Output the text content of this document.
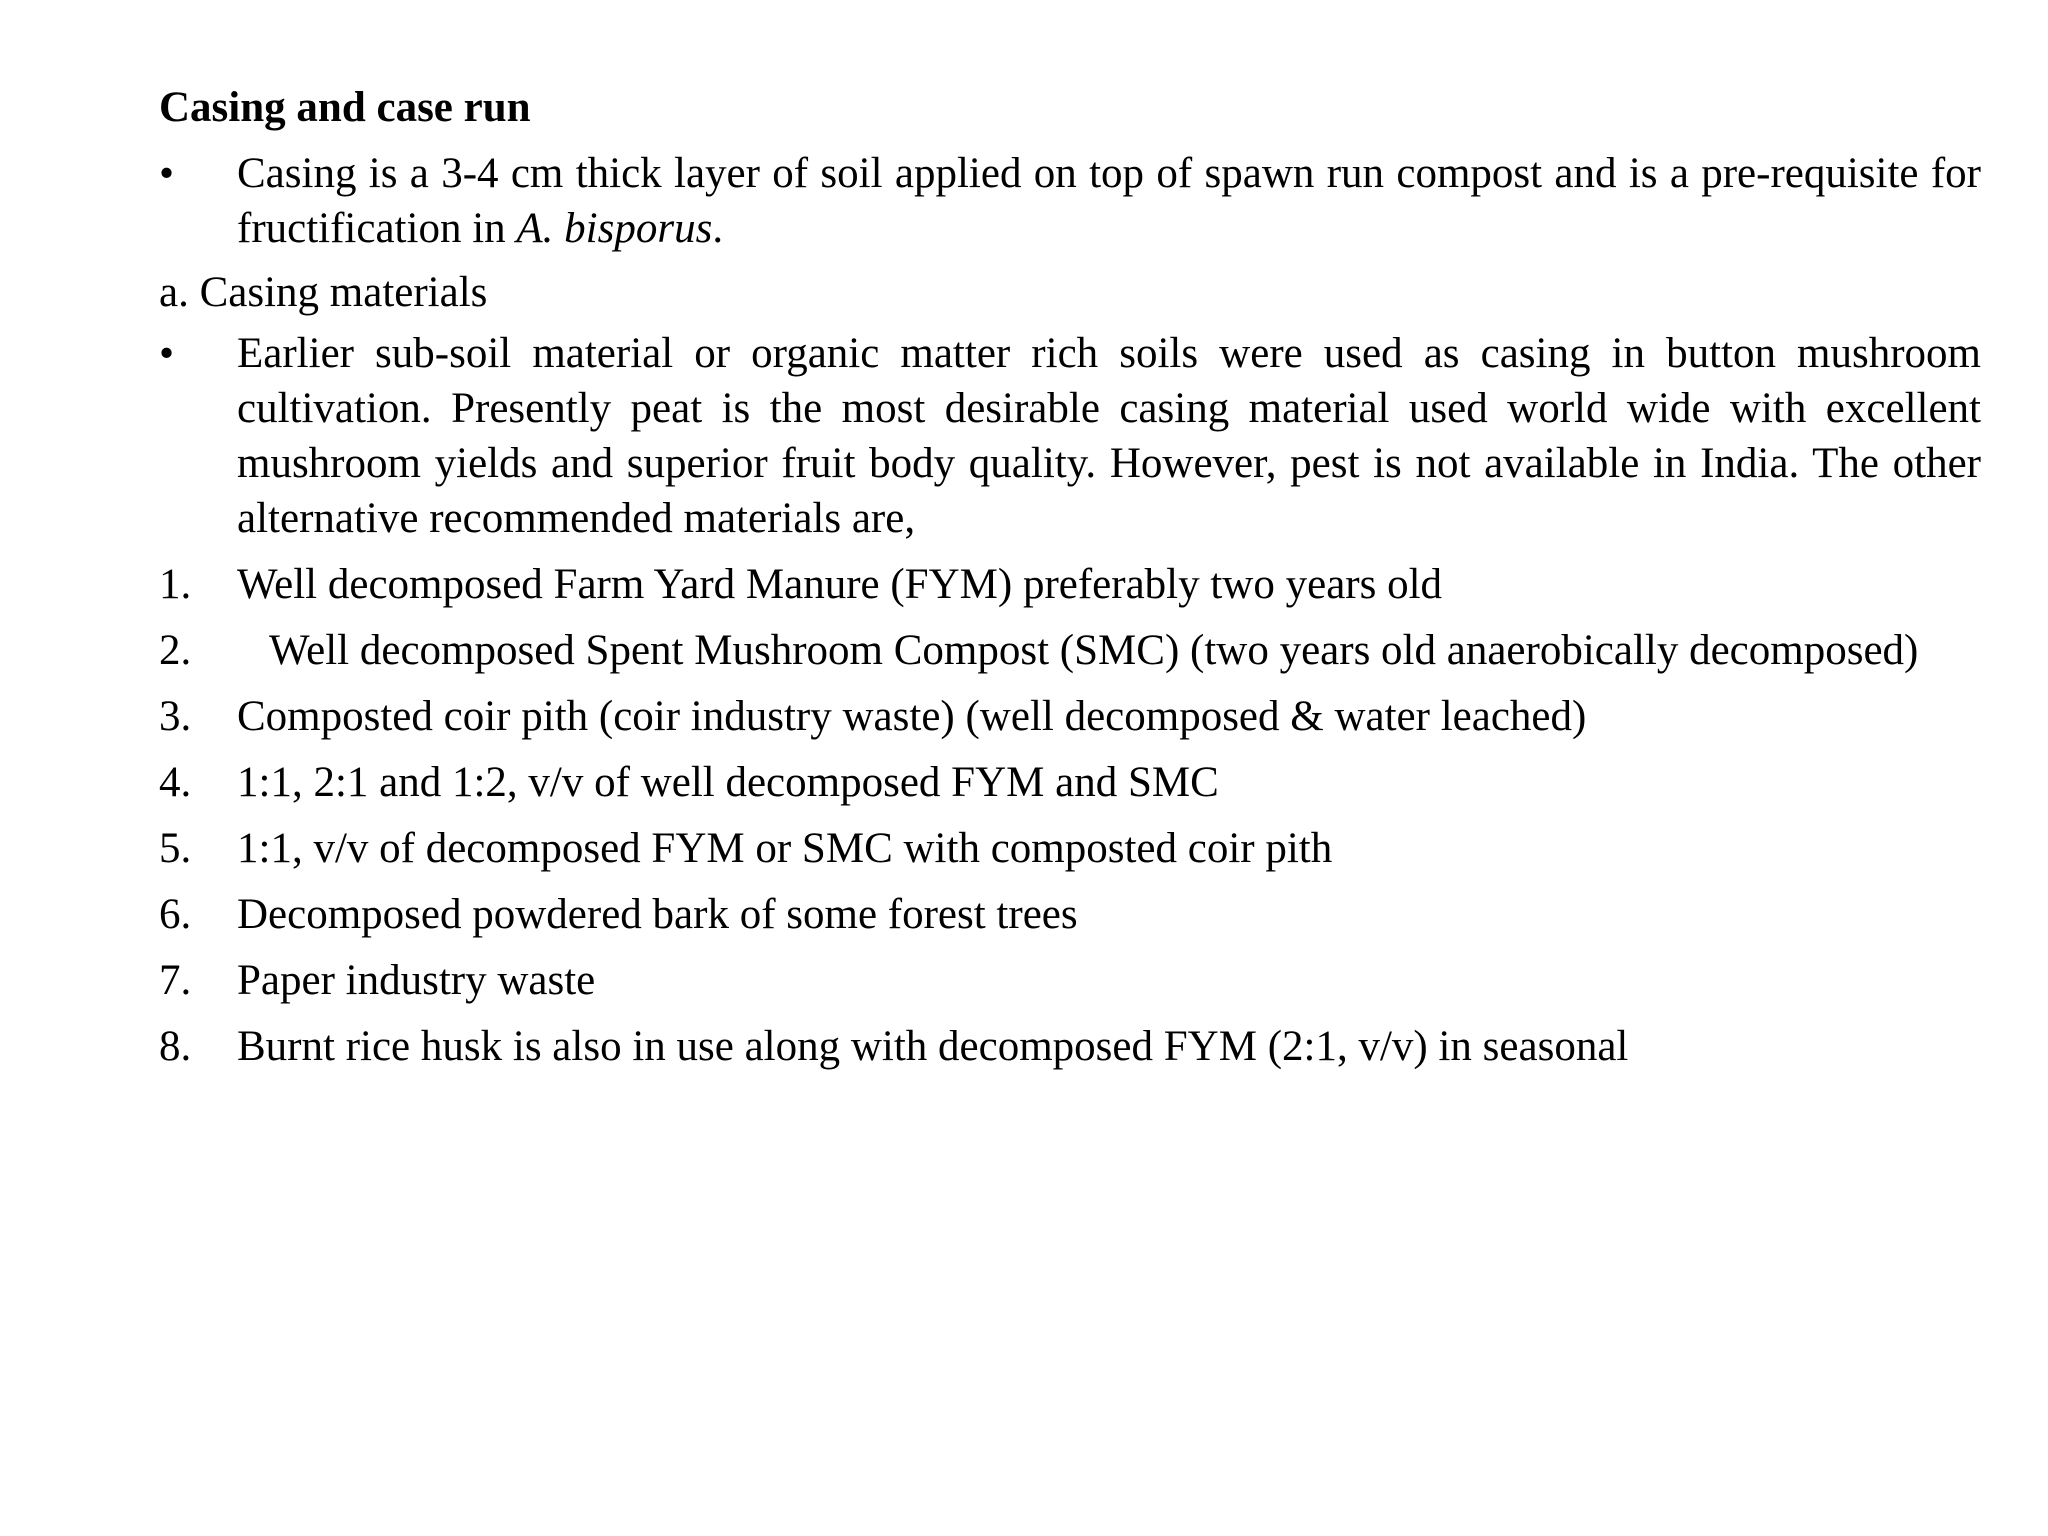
Casing and case run
•	Casing is a 3-4 cm thick layer of soil applied on top of spawn run compost and is a pre-requisite for fructification in A. bisporus.
a. Casing materials
•	Earlier sub-soil material or organic matter rich soils were used as casing in button mushroom cultivation. Presently peat is the most desirable casing material used world wide with excellent mushroom yields and superior fruit body quality. However, pest is not available in India. The other alternative recommended materials are,
1.	Well decomposed Farm Yard Manure (FYM) preferably two years old
2.	Well decomposed Spent Mushroom Compost (SMC) (two years old anaerobically decomposed)
3.	Composted coir pith (coir industry waste) (well decomposed & water leached)
4.	1:1, 2:1 and 1:2, v/v of well decomposed FYM and SMC
5.	1:1, v/v of decomposed FYM or SMC with composted coir pith
6.	Decomposed powdered bark of some forest trees
7.	Paper industry waste
8.	Burnt rice husk is also in use along with decomposed FYM (2:1, v/v) in seasonal
